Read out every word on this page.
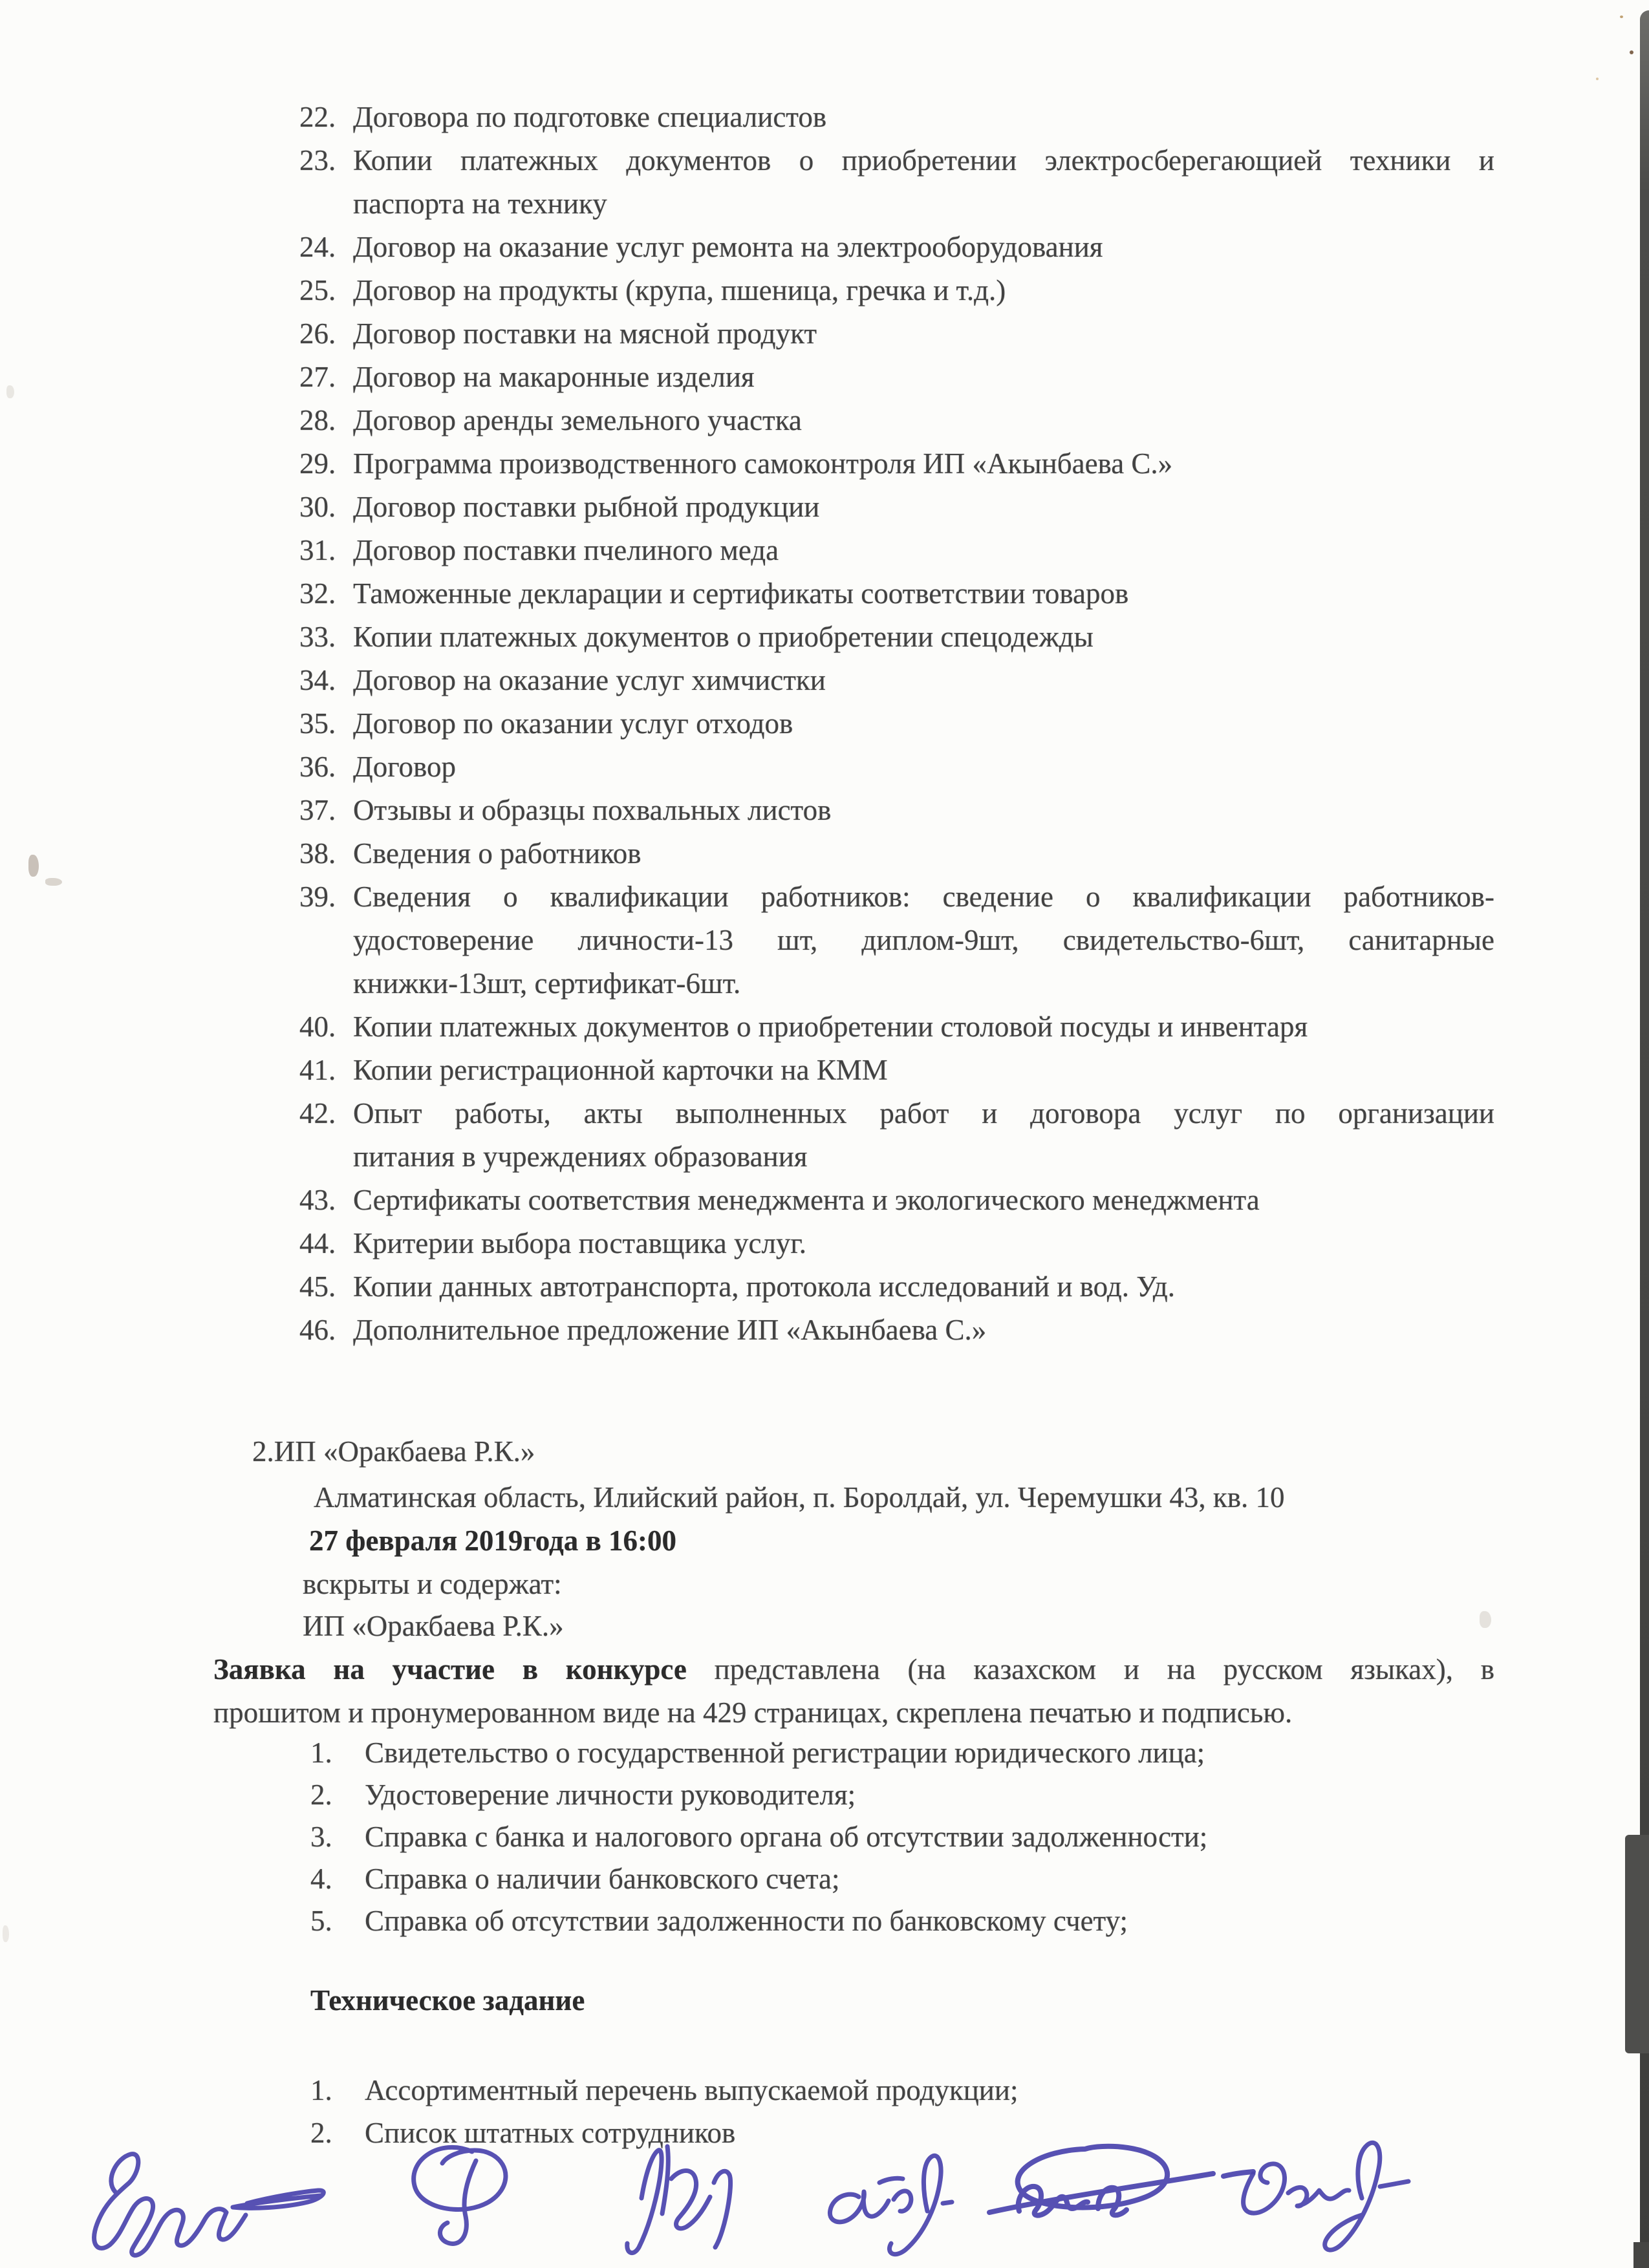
22. Договора по подготовке специалистов
23. Копии платежных документов о приобретении электросберегающией техники и
паспорта на технику
24. Договор на оказание услуг ремонта на электрооборудования
25. Договор на продукты (крупа, пшеница, гречка и т.д.)
26. Договор поставки на мясной продукт
27. Договор на макаронные изделия
28. Договор аренды земельного участка
29. Программа производственного самоконтроля ИП «Акынбаева С.»
30. Договор поставки рыбной продукции
31. Договор поставки пчелиного меда
32. Таможенные декларации и сертификаты соответствии товаров
33. Копии платежных документов о приобретении спецодежды
34. Договор на оказание услуг химчистки
35. Договор по оказании услуг отходов
36. Договор
37. Отзывы и образцы похвальных листов
38. Сведения о работников
39. Сведения о квалификации работников: сведение о квалификации работников-
удостоверение личности-13 шт, диплом-9шт, свидетельство-6шт, санитарные
книжки-13шт, сертификат-6шт.
40. Копии платежных документов о приобретении столовой посуды и инвентаря
41. Копии регистрационной карточки на КММ
42. Опыт работы, акты выполненных работ и договора услуг по организации
питания в учреждениях образования
43. Сертификаты соответствия менеджмента и экологического менеджмента
44. Критерии выбора поставщика услуг.
45. Копии данных автотранспорта, протокола исследований и вод. Уд.
46. Дополнительное предложение ИП «Акынбаева С.»
2.ИП «Оракбаева Р.К.»
Алматинская область, Илийский район, п. Боролдай, ул. Черемушки 43, кв. 10
27 февраля 2019года в 16:00
вскрыты и содержат:
ИП «Оракбаева Р.К.»
Заявка на участие в конкурсе представлена (на казахском и на русском языках), в
прошитом и пронумерованном виде на 429 страницах, скреплена печатью и подписью.
1.	Свидетельство о государственной регистрации юридического лица;
2.	Удостоверение личности руководителя;
3.	Справка с банка и налогового органа об отсутствии задолженности;
4.	Справка о наличии банковского счета;
5.	Справка об отсутствии задолженности по банковскому счету;
Техническое задание
1.	Ассортиментный перечень выпускаемой продукции;
2.	Список штатных сотрудников
